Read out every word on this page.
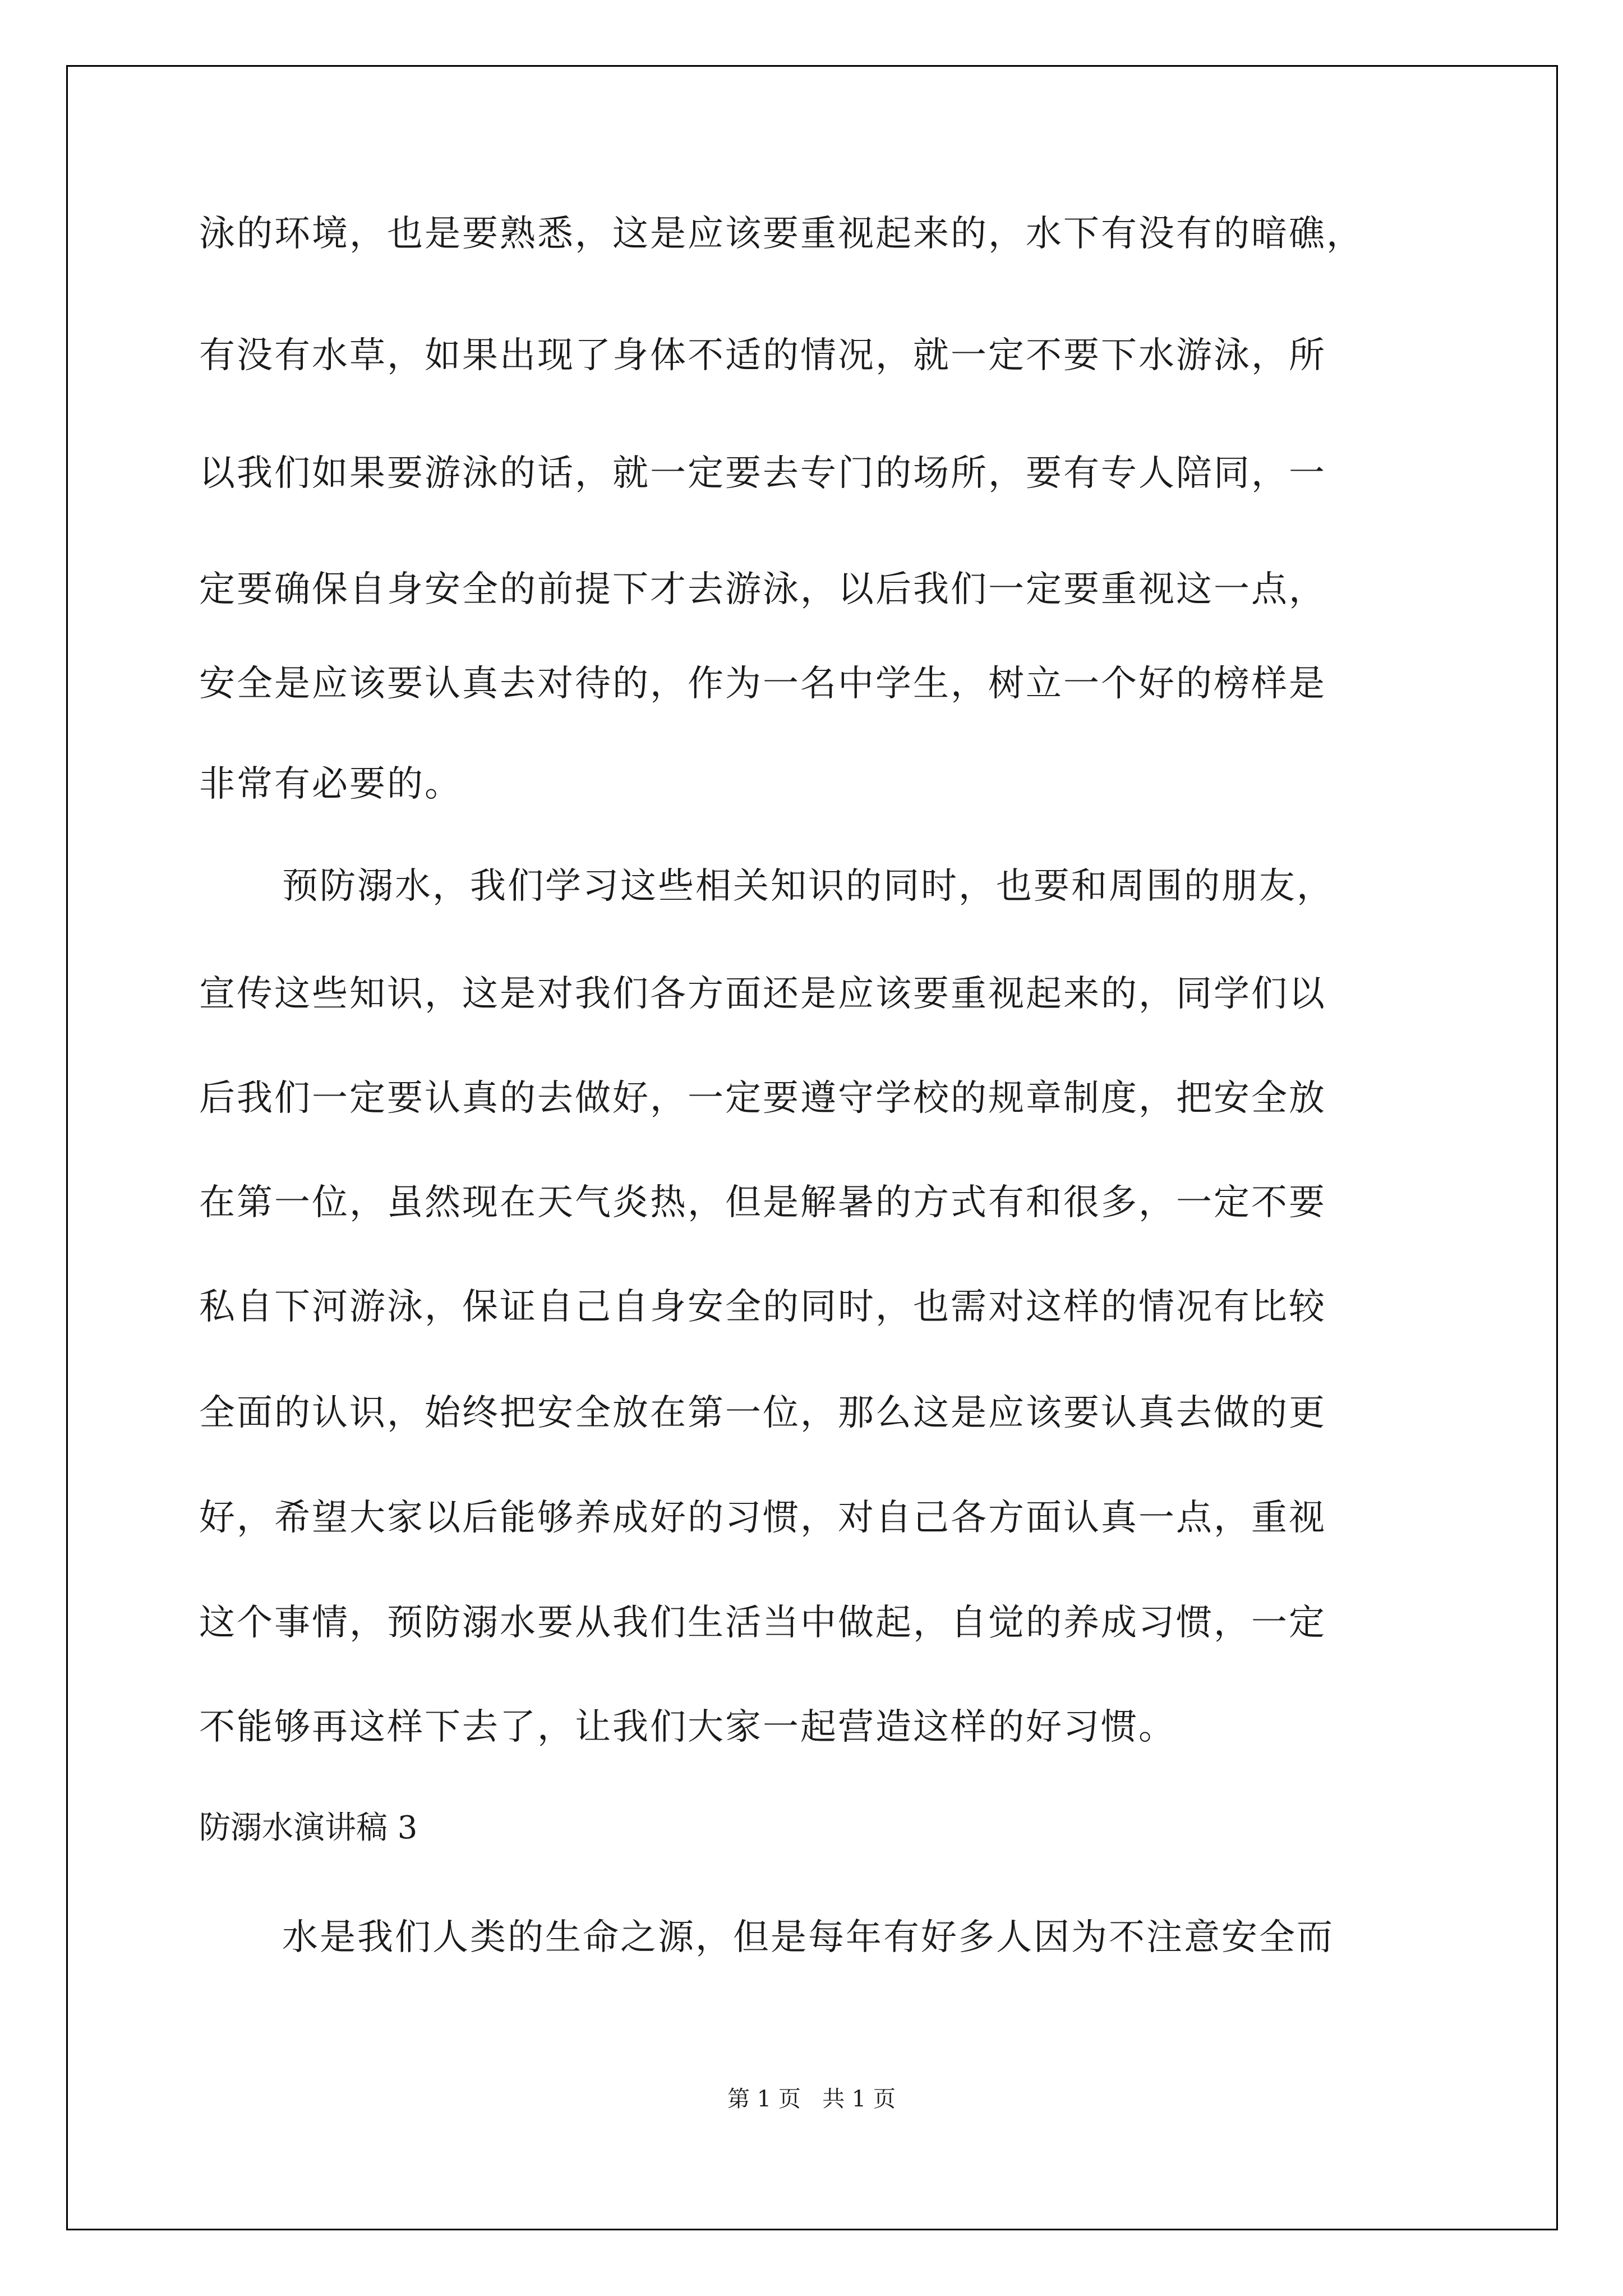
泳的环境，也是要熟悉，这是应该要重视起来的，水下有没有的暗礁，
有没有水草，如果出现了身体不适的情况，就一定不要下水游泳，所
以我们如果要游泳的话，就一定要去专门的场所，要有专人陪同，一
定要确保自身安全的前提下才去游泳，以后我们一定要重视这一点，
安全是应该要认真去对待的，作为一名中学生，树立一个好的榜样是
非常有必要的。
预防溺水，我们学习这些相关知识的同时，也要和周围的朋友，
宣传这些知识，这是对我们各方面还是应该要重视起来的，同学们以
后我们一定要认真的去做好，一定要遵守学校的规章制度，把安全放
在第一位，虽然现在天气炎热，但是解暑的方式有和很多，一定不要
私自下河游泳，保证自己自身安全的同时，也需对这样的情况有比较
全面的认识，始终把安全放在第一位，那么这是应该要认真去做的更
好，希望大家以后能够养成好的习惯，对自己各方面认真一点，重视
这个事情，预防溺水要从我们生活当中做起，自觉的养成习惯，一定
不能够再这样下去了，让我们大家一起营造这样的好习惯。
防溺水演讲稿 3
水是我们人类的生命之源，但是每年有好多人因为不注意安全而
第 1 页   共 1 页
